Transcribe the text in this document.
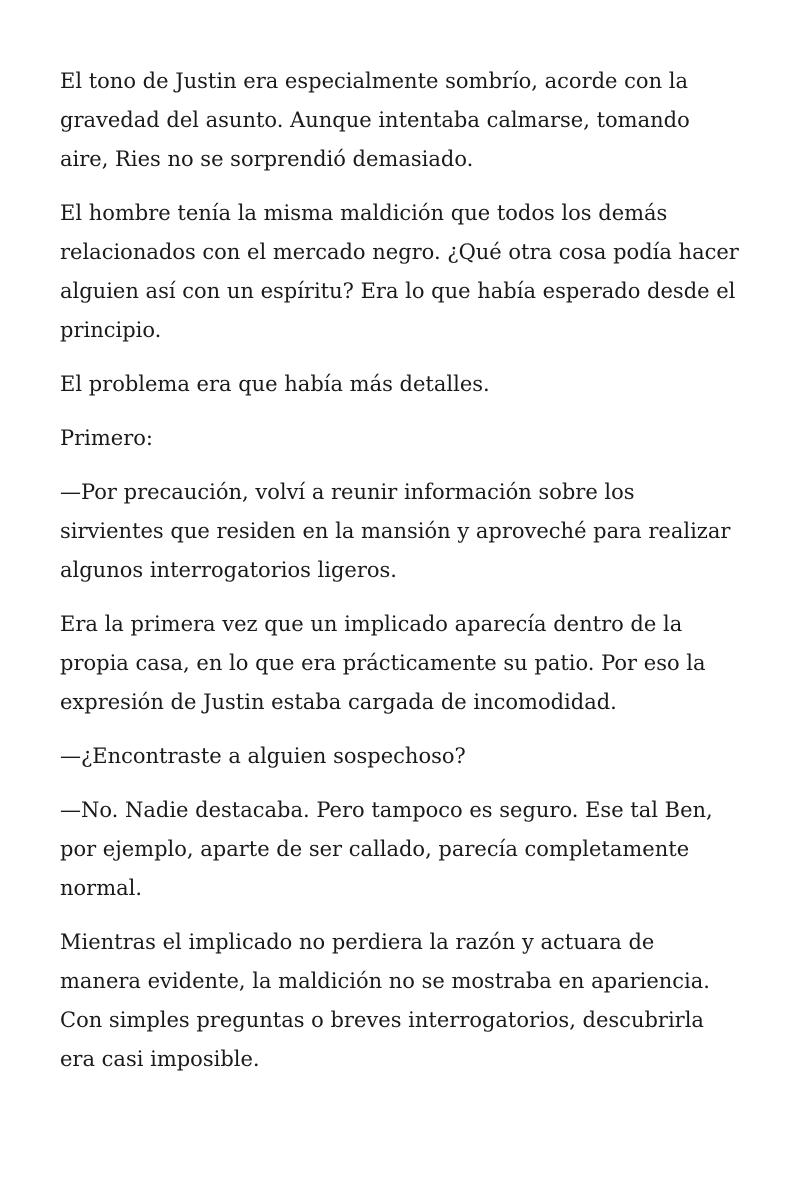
El tono de Justin era especialmente sombrío, acorde con la gravedad del asunto. Aunque intentaba calmarse, tomando aire, Ries no se sorprendió demasiado.

El hombre tenía la misma maldición que todos los demás relacionados con el mercado negro. ¿Qué otra cosa podía hacer alguien así con un espíritu? Era lo que había esperado desde el principio.

El problema era que había más detalles.

Primero:

—Por precaución, volví a reunir información sobre los sirvientes que residen en la mansión y aproveché para realizar algunos interrogatorios ligeros.

Era la primera vez que un implicado aparecía dentro de la propia casa, en lo que era prácticamente su patio. Por eso la expresión de Justin estaba cargada de incomodidad.

—¿Encontraste a alguien sospechoso?

—No. Nadie destacaba. Pero tampoco es seguro. Ese tal Ben, por ejemplo, aparte de ser callado, parecía completamente normal.

Mientras el implicado no perdiera la razón y actuara de manera evidente, la maldición no se mostraba en apariencia. Con simples preguntas o breves interrogatorios, descubrirla era casi imposible.
